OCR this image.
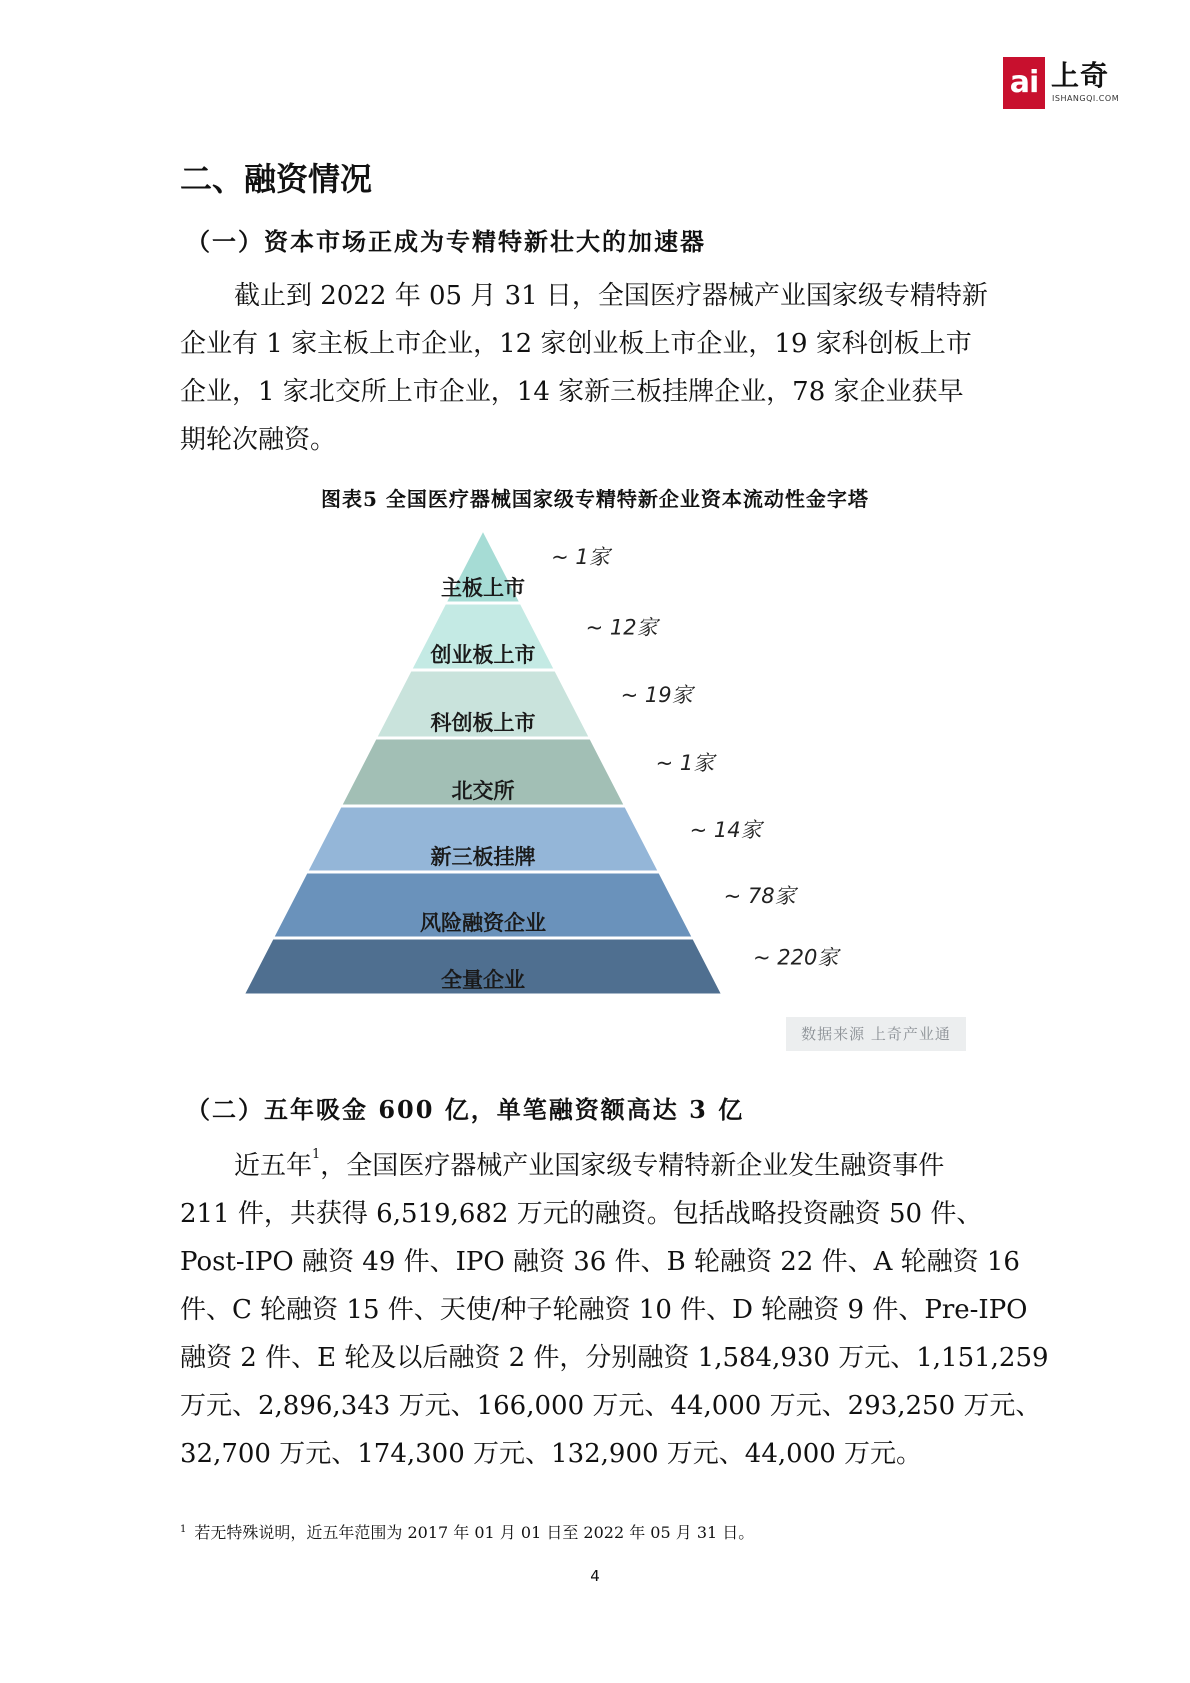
ai 上奇
ISHANGQI.COM
二、融资情况
（一）资本市场正成为专精特新壮大的加速器
截止到 2022 年 05 月 31 日，全国医疗器械产业国家级专精特新
企业有 1 家主板上市企业，12 家创业板上市企业，19 家科创板上市
企业，1 家北交所上市企业，14 家新三板挂牌企业，78 家企业获早
期轮次融资。
图表5 全国医疗器械国家级专精特新企业资本流动性金字塔
主板上市
~ 1家
创业板上市
~ 12家
科创板上市
~ 19家
北交所
~ 1家
新三板挂牌
~ 14家
风险融资企业
~ 78家
全量企业
~ 220家
数据来源 上奇产业通
（二）五年吸金 600 亿，单笔融资额高达 3 亿
近五年$^1$，全国医疗器械产业国家级专精特新企业发生融资事件
211 件，共获得 6,519,682 万元的融资。包括战略投资融资 50 件、
Post-IPO 融资 49 件、IPO 融资 36 件、B 轮融资 22 件、A 轮融资 16
件、C 轮融资 15 件、天使/种子轮融资 10 件、D 轮融资 9 件、Pre-IPO
融资 2 件、E 轮及以后融资 2 件，分别融资 1,584,930 万元、1,151,259
万元、2,896,343 万元、166,000 万元、44,000 万元、293,250 万元、
32,700 万元、174,300 万元、132,900 万元、44,000 万元。
$^1$ 若无特殊说明，近五年范围为 2017 年 01 月 01 日至 2022 年 05 月 31 日。
4
